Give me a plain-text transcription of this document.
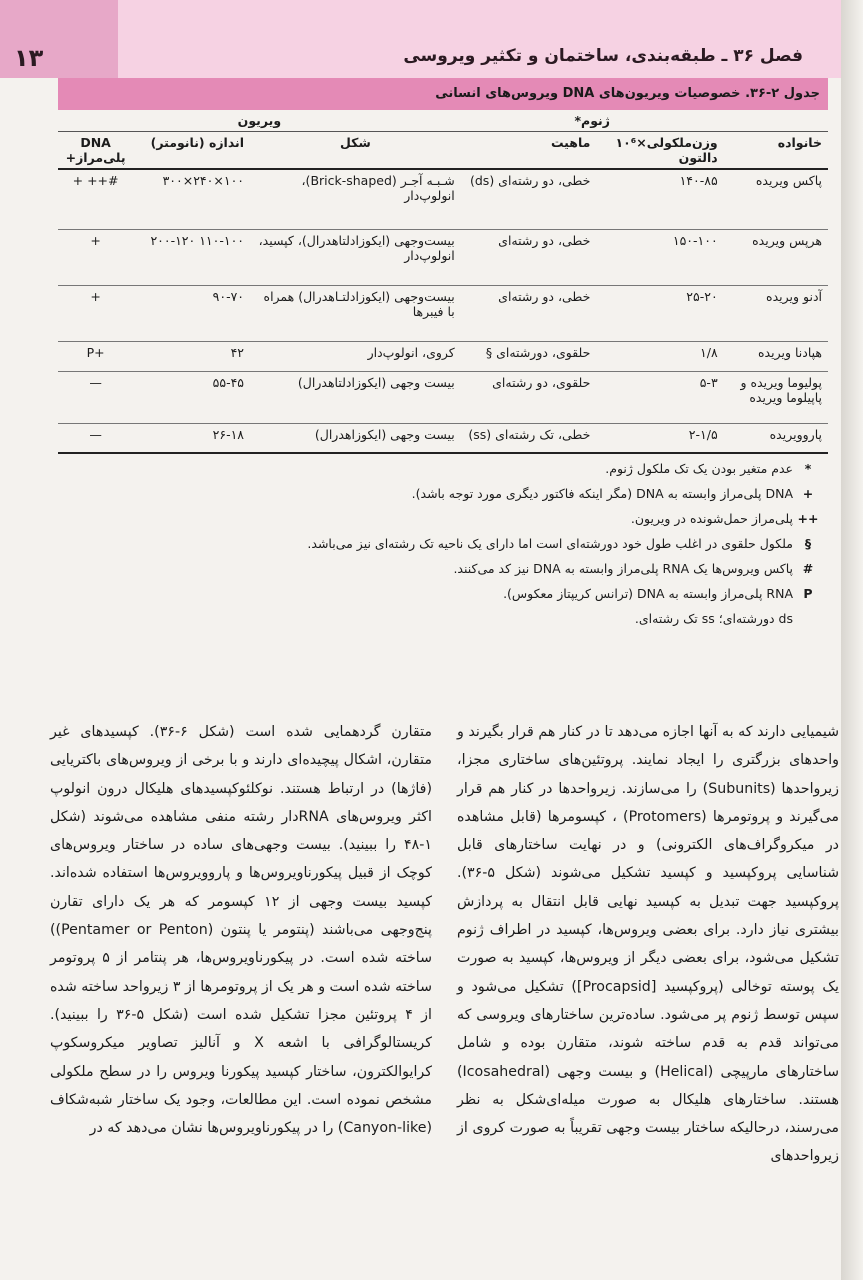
۱۳	فصل ۳۶ ـ طبقه‌بندی، ساختمان و تکثیر ویروسی
جدول ۲-۳۶. خصوصیات ویریون‌های DNA ویروس‌های انسانی
	ژنوم*		ویریون		
خانواده	وزن‌ملکولی×۱۰⁶ دالتون	ماهیت	شکل	اندازه (نانومتر)	DNA پلی‌مراز+
پاکس ویریده	۱۴۰-۸۵	خطی، دو رشته‌ای (ds)	شـبـه آجـر (Brick-shaped)، انولوپ‌دار	۱۰۰×۲۴۰×۳۰۰	#++ +
هرپس ویریده	۱۵۰-۱۰۰	خطی، دو رشته‌ای	بیست‌وجهی (ایکوزادلتاهدرال)، کپسید، انولوپ‌دار	۱۱۰-۱۰۰ ۲۰۰-۱۲۰	+
آدنو ویریده	۲۵-۲۰	خطی، دو رشته‌ای	بیست‌وجهی (ایکوزادلتـاهدرال) همراه با فیبرها	۹۰-۷۰	+
هپادنا ویریده	۱/۸	حلقوی، دورشته‌ای §	کروی، انولوپ‌دار	۴۲	+P
پولیوما ویریده و پاپیلوما ویریده	۵-۳	حلقوی، دو رشته‌ای	بیست وجهی (ایکوزادلتاهدرال)	۵۵-۴۵	—
پاروویریده	۲-۱/۵	خطی، تک رشته‌ای (ss)	بیست وجهی (ایکوزاهدرال)	۲۶-۱۸	—
*
عدم متغیر بودن یک تک ملکول ژنوم.
+
DNA پلی‌مراز وابسته به DNA (مگر اینکه فاکتور دیگری مورد توجه باشد).
++
پلی‌مراز حمل‌شونده در ویریون.
§
ملکول حلقوی در اغلب طول خود دورشته‌ای است اما دارای یک ناحیه تک رشته‌ای نیز می‌باشد.
#
پاکس ویروس‌ها یک RNA پلی‌مراز وابسته به DNA نیز کد می‌کنند.
P
RNA پلی‌مراز وابسته به DNA (ترانس کریپتاز معکوس).
ds دورشته‌ای؛ ss تک رشته‌ای.

شیمیایی دارند که به آنها اجازه می‌دهد تا در کنار هم قرار بگیرند و واحدهای بزرگتری را ایجاد نمایند. پروتئین‌های ساختاری مجزا، زیرواحدها (Subunits) را می‌سازند. زیرواحدها در کنار هم قرار می‌گیرند و پروتومرها (Protomers) ، کپسومرها (قابل مشاهده در میکروگراف‌های الکترونی) و در نهایت ساختارهای قابل شناسایی پروکپسید و کپسید تشکیل می‌شوند (شکل ۵-۳۶). پروکپسید جهت تبدیل به کپسید نهایی قابل انتقال به پردازش بیشتری نیاز دارد. برای بعضی ویروس‌ها، کپسید در اطراف ژنوم تشکیل می‌شود، برای بعضی دیگر از ویروس‌ها، کپسید به صورت یک پوسته توخالی (پروکپسید [Procapsid]) تشکیل می‌شود و سپس توسط ژنوم پر می‌شود. ساده‌ترین ساختارهای ویروسی که می‌تواند قدم به قدم ساخته شوند، متقارن بوده و شامل ساختارهای مارپیچی (Helical) و بیست وجهی (Icosahedral) هستند. ساختارهای هلیکال به صورت میله‌ای‌شکل به نظر می‌رسند، درحالیکه ساختار بیست وجهی تقریباً به صورت کروی از زیرواحدهای

متقارن گردهمایی شده است (شکل ۶-۳۶). کپسیدهای غیر متقارن، اشکال پیچیده‌ای دارند و با برخی از ویروس‌های باکتریایی (فاژها) در ارتباط هستند. نوکلئوکپسیدهای هلیکال درون انولوپ اکثر ویروس‌های RNAدار رشته منفی مشاهده می‌شوند (شکل ۱-۴۸ را ببینید). بیست وجهی‌های ساده در ساختار ویروس‌های کوچک از قبیل پیکورناویروس‌ها و پاروویروس‌ها استفاده شده‌اند. کپسید بیست وجهی از ۱۲ کپسومر که هر یک دارای تقارن پنج‌وجهی می‌باشند (پنتومر یا پنتون (Pentamer or Penton)) ساخته شده است. در پیکورناویروس‌ها، هر پنتامر از ۵ پروتومر ساخته شده است و هر یک از پروتومرها از ۳ زیرواحد ساخته شده از ۴ پروتئین مجزا تشکیل شده است (شکل ۵-۳۶ را ببینید). کریستالوگرافی با اشعه X و آنالیز تصاویر میکروسکوپ کرایوالکترون، ساختار کپسید پیکورنا ویروس را در سطح ملکولی مشخص نموده است. این مطالعات، وجود یک ساختار شبه‌شکاف (Canyon-like) را در پیکورناویروس‌ها نشان می‌دهد که در
